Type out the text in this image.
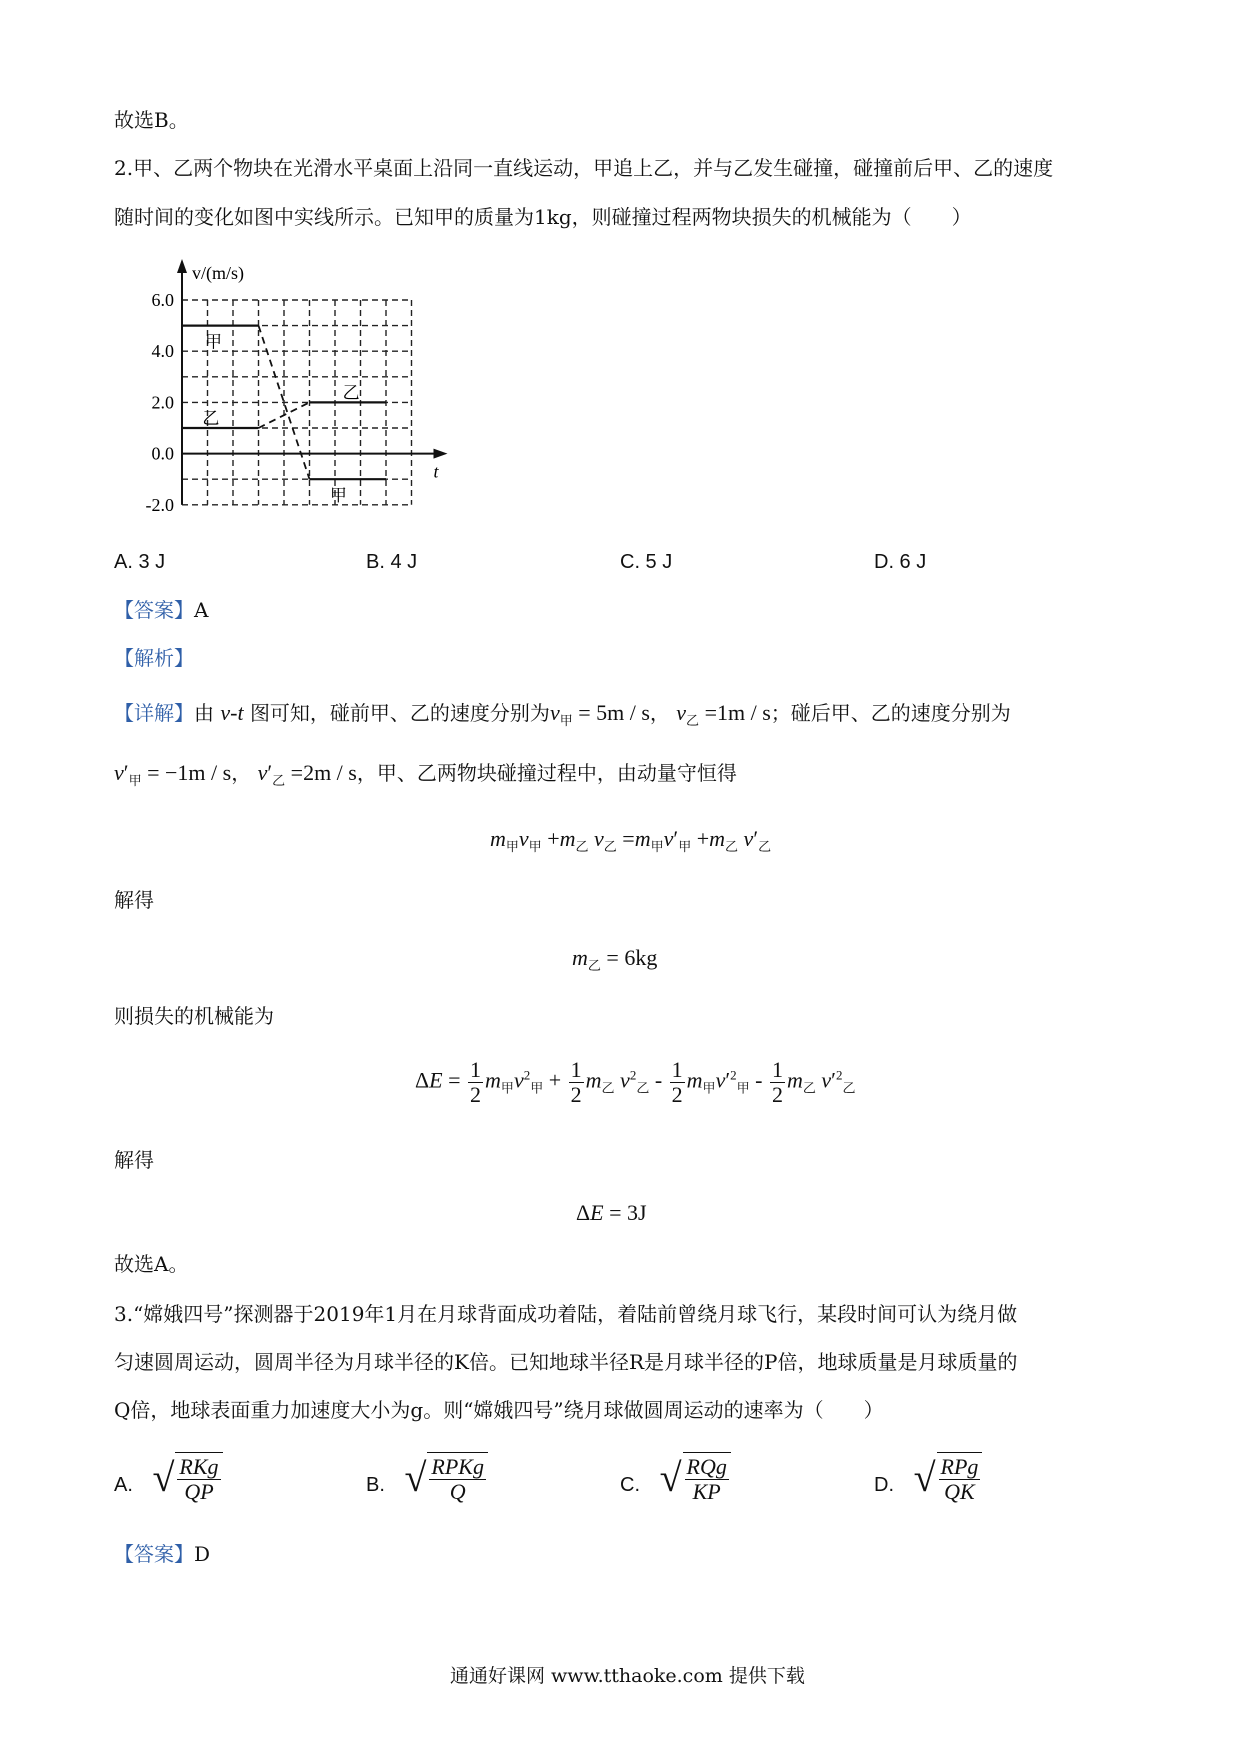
故选B。
2.甲、乙两个物块在光滑水平桌面上沿同一直线运动，甲追上乙，并与乙发生碰撞，碰撞前后甲、乙的速度
随时间的变化如图中实线所示。已知甲的质量为1kg，则碰撞过程两物块损失的机械能为（　　）
6.0
4.0
2.0
0.0
-2.0
v/(m/s)
t
甲
乙
乙
甲
A. 3 J	B. 4 J	C. 5 J	D. 6 J
【答案】A
【解析】
【详解】由 v-t 图可知，碰前甲、乙的速度分别为$v_甲 = 5m / s$， $v_乙 =1m / s$；碰后甲、乙的速度分别为
$v'_甲 = -1m / s$， $v'_乙 =2m / s$，甲、乙两物块碰撞过程中，由动量守恒得
$m_甲v_甲 +m_乙$ $v_乙 =m_甲v'_甲 +m_乙$ $v'_乙$
解得
$m_乙 = 6kg$
则损失的机械能为
$\Delta E = \frac{1}{2} m_甲v^2_甲 + \frac{1}{2} m_乙$ $v^2_乙 - \frac{1}{2} m_甲v'^2_甲 - \frac{1}{2} m_乙$ $v'^2_乙$
解得
ΔE = 3J
故选A。
3.“嫦娥四号”探测器于2019年1月在月球背面成功着陆，着陆前曾绕月球飞行，某段时间可认为绕月做
匀速圆周运动，圆周半径为月球半径的K倍。已知地球半径R是月球半径的P倍，地球质量是月球质量的
Q倍，地球表面重力加速度大小为g。则“嫦娥四号”绕月球做圆周运动的速率为（　　）
A. √ $\frac{\text{RKg}}{QP}$	B. √ $\frac{\text{RPKg}}{Q}$	C. √ $\frac{\text{RQg}}{KP}$	D. √ $\frac{\text{RPg}}{QK}$
【答案】D
通通好课网 www.tthaoke.com 提供下载
